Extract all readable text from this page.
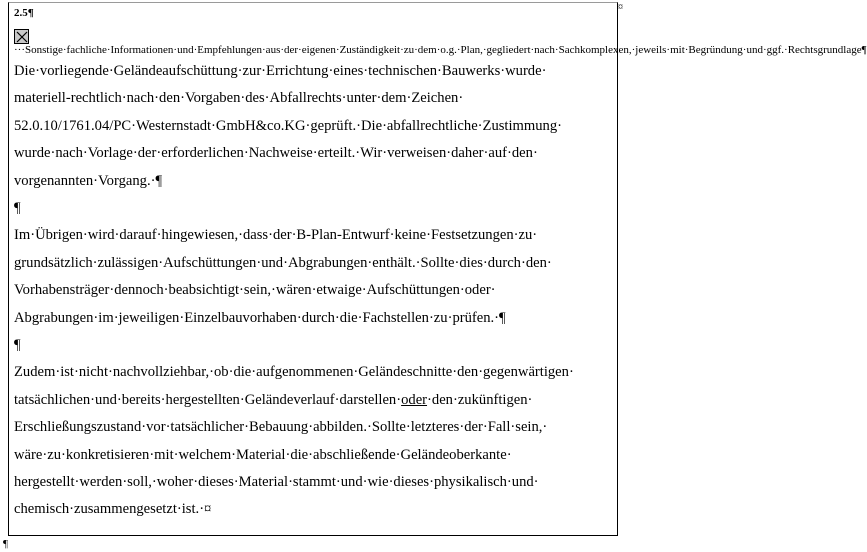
¤

2.5¶

···Sonstige·fachliche·Informationen·und·Empfehlungen·aus·der·eigenen·Zuständigkeit·zu·dem·o.g.·Plan,·gegliedert·nach·Sachkomplexen,·jeweils·mit·Begründung·und·ggf.·Rechtsgrundlage¶

Die·vorliegende·Geländeaufschüttung·zur·Errichtung·eines·technischen·Bauwerks·wurde·

materiell-rechtlich·nach·den·Vorgaben·des·Abfallrechts·unter·dem·Zeichen·

52.0.10/1761.04/PC·Westernstadt·GmbH&co.KG·geprüft.·Die·abfallrechtliche·Zustimmung·

wurde·nach·Vorlage·der·erforderlichen·Nachweise·erteilt.·Wir·verweisen·daher·auf·den·

vorgenannten·Vorgang.·¶

¶

Im·Übrigen·wird·darauf·hingewiesen,·dass·der·B-Plan-Entwurf·keine·Festsetzungen·zu·

grundsätzlich·zulässigen·Aufschüttungen·und·Abgrabungen·enthält.·Sollte·dies·durch·den·

Vorhabensträger·dennoch·beabsichtigt·sein,·wären·etwaige·Aufschüttungen·oder·

Abgrabungen·im·jeweiligen·Einzelbauvorhaben·durch·die·Fachstellen·zu·prüfen.·¶

¶

Zudem·ist·nicht·nachvollziehbar,·ob·die·aufgenommenen·Geländeschnitte·den·gegenwärtigen·

tatsächlichen·und·bereits·hergestellten·Geländeverlauf·darstellen·oder·den·zukünftigen·

Erschließungszustand·vor·tatsächlicher·Bebauung·abbilden.·Sollte·letzteres·der·Fall·sein,·

wäre·zu·konkretisieren·mit·welchem·Material·die·abschließende·Geländeoberkante·

hergestellt·werden·soll,·woher·dieses·Material·stammt·und·wie·dieses·physikalisch·und·

chemisch·zusammengesetzt·ist.·¤

¶
